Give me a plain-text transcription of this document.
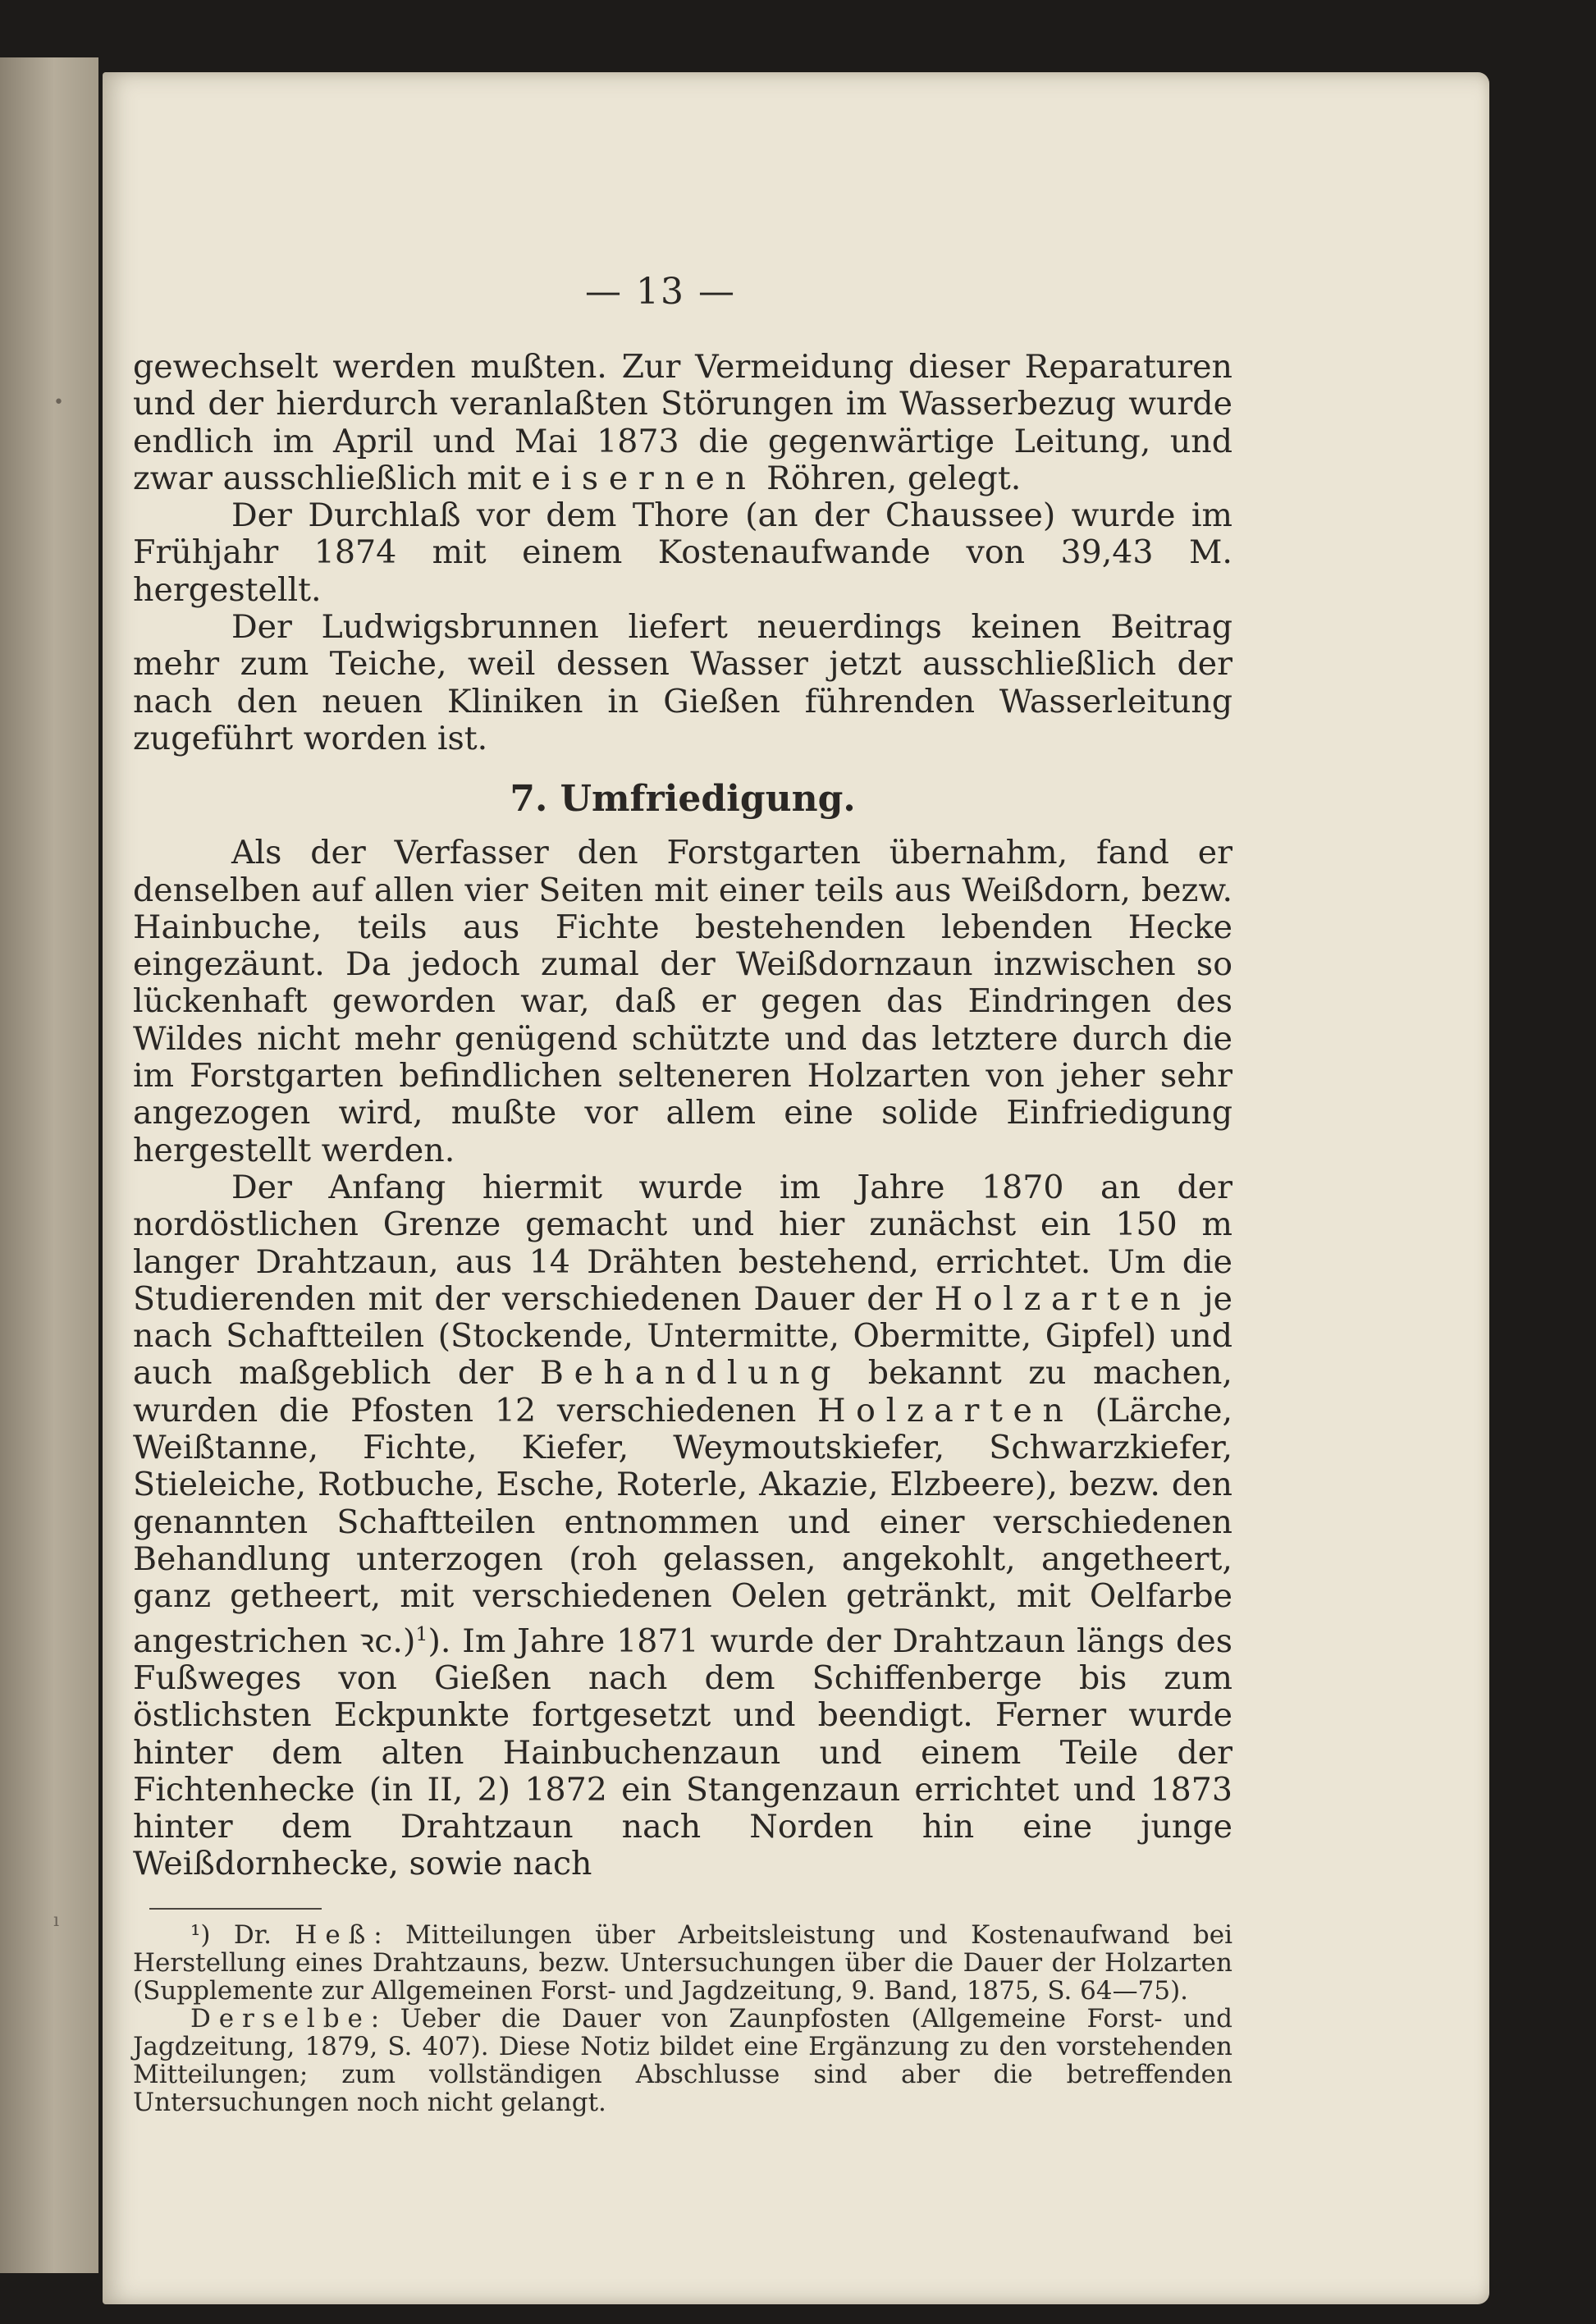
•
ı
— 13 —

gewechselt werden mußten. Zur Vermeidung dieser Reparaturen und der hierdurch veranlaßten Störungen im Wasserbezug wurde endlich im April und Mai 1873 die gegenwärtige Leitung, und zwar ausschließlich mit eisernen Röhren, gelegt.

Der Durchlaß vor dem Thore (an der Chaussee) wurde im Frühjahr 1874 mit einem Kostenaufwande von 39,43 M. hergestellt.

Der Ludwigsbrunnen liefert neuerdings keinen Beitrag mehr zum Teiche, weil dessen Wasser jetzt ausschließlich der nach den neuen Kliniken in Gießen führenden Wasserleitung zugeführt worden ist.

7. Umfriedigung.

Als der Verfasser den Forstgarten übernahm, fand er denselben auf allen vier Seiten mit einer teils aus Weißdorn, bezw. Hainbuche, teils aus Fichte bestehenden lebenden Hecke eingezäunt. Da jedoch zumal der Weißdornzaun inzwischen so lückenhaft geworden war, daß er gegen das Eindringen des Wildes nicht mehr genügend schützte und das letztere durch die im Forstgarten befindlichen selteneren Holzarten von jeher sehr angezogen wird, mußte vor allem eine solide Einfriedigung hergestellt werden.

Der Anfang hiermit wurde im Jahre 1870 an der nordöstlichen Grenze gemacht und hier zunächst ein 150 m langer Drahtzaun, aus 14 Drähten bestehend, errichtet. Um die Studierenden mit der verschiedenen Dauer der Holzarten je nach Schaftteilen (Stockende, Untermitte, Obermitte, Gipfel) und auch maßgeblich der Behandlung bekannt zu machen, wurden die Pfosten 12 verschiedenen Holzarten (Lärche, Weißtanne, Fichte, Kiefer, Weymoutskiefer, Schwarzkiefer, Stieleiche, Rotbuche, Esche, Roterle, Akazie, Elzbeere), bezw. den genannten Schaftteilen entnommen und einer verschiedenen Behandlung unterzogen (roh gelassen, angekohlt, angetheert, ganz getheert, mit verschiedenen Oelen getränkt, mit Oelfarbe angestrichen ꝛc.)$^1$). Im Jahre 1871 wurde der Drahtzaun längs des Fußweges von Gießen nach dem Schiffenberge bis zum östlichsten Eckpunkte fortgesetzt und beendigt. Ferner wurde hinter dem alten Hainbuchenzaun und einem Teile der Fichtenhecke (in II, 2) 1872 ein Stangenzaun errichtet und 1873 hinter dem Drahtzaun nach Norden hin eine junge Weißdornhecke, sowie nach

¹) Dr. Heß: Mitteilungen über Arbeitsleistung und Kostenaufwand bei Herstellung eines Drahtzauns, bezw. Untersuchungen über die Dauer der Holzarten (Supplemente zur Allgemeinen Forst- und Jagdzeitung, 9. Band, 1875, S. 64—75).

Derselbe: Ueber die Dauer von Zaunpfosten (Allgemeine Forst- und Jagdzeitung, 1879, S. 407). Diese Notiz bildet eine Ergänzung zu den vorstehenden Mitteilungen; zum vollständigen Abschlusse sind aber die betreffenden Untersuchungen noch nicht gelangt.
